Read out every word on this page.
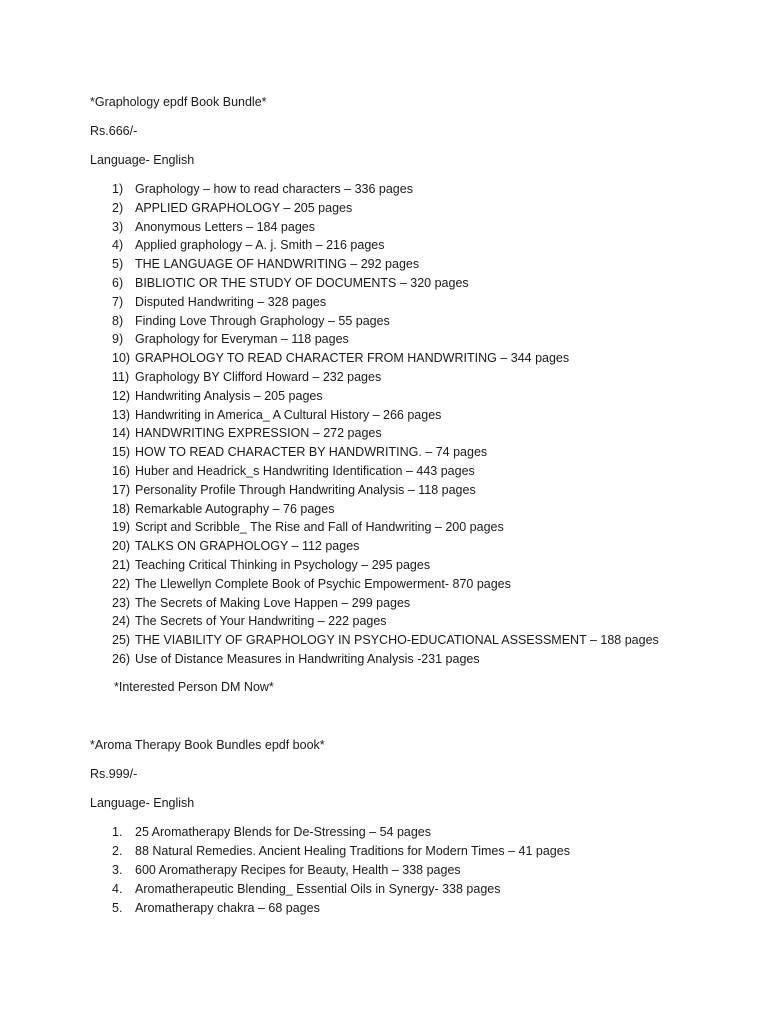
*Graphology epdf Book Bundle*

Rs.666/-

Language- English

1) Graphology – how to read characters – 336 pages
2) APPLIED GRAPHOLOGY – 205 pages
3) Anonymous Letters – 184 pages
4) Applied graphology – A. j. Smith – 216 pages
5) THE LANGUAGE OF HANDWRITING – 292 pages
6) BIBLIOTIC OR THE STUDY OF DOCUMENTS – 320 pages
7) Disputed Handwriting – 328 pages
8) Finding Love Through Graphology – 55 pages
9) Graphology for Everyman – 118 pages
10) GRAPHOLOGY TO READ CHARACTER FROM HANDWRITING – 344 pages
11) Graphology BY Clifford Howard – 232 pages
12) Handwriting Analysis – 205 pages
13) Handwriting in America_ A Cultural History – 266 pages
14) HANDWRITING EXPRESSION – 272 pages
15) HOW TO READ CHARACTER BY HANDWRITING. – 74 pages
16) Huber and Headrick_s Handwriting Identification – 443 pages
17) Personality Profile Through Handwriting Analysis – 118 pages
18) Remarkable Autography – 76 pages
19) Script and Scribble_ The Rise and Fall of Handwriting – 200 pages
20) TALKS ON GRAPHOLOGY – 112 pages
21) Teaching Critical Thinking in Psychology – 295 pages
22) The Llewellyn Complete Book of Psychic Empowerment- 870 pages
23) The Secrets of Making Love Happen – 299 pages
24) The Secrets of Your Handwriting – 222 pages
25) THE VIABILITY OF GRAPHOLOGY IN PSYCHO-EDUCATIONAL ASSESSMENT – 188 pages
26) Use of Distance Measures in Handwriting Analysis -231 pages

*Interested Person DM Now*

*Aroma Therapy Book Bundles epdf book*

Rs.999/-

Language- English

1.	25 Aromatherapy Blends for De-Stressing – 54 pages
2.	88 Natural Remedies. Ancient Healing Traditions for Modern Times – 41 pages
3.	600 Aromatherapy Recipes for Beauty, Health – 338 pages
4.	Aromatherapeutic Blending_ Essential Oils in Synergy- 338 pages
5.	Aromatherapy chakra – 68 pages
